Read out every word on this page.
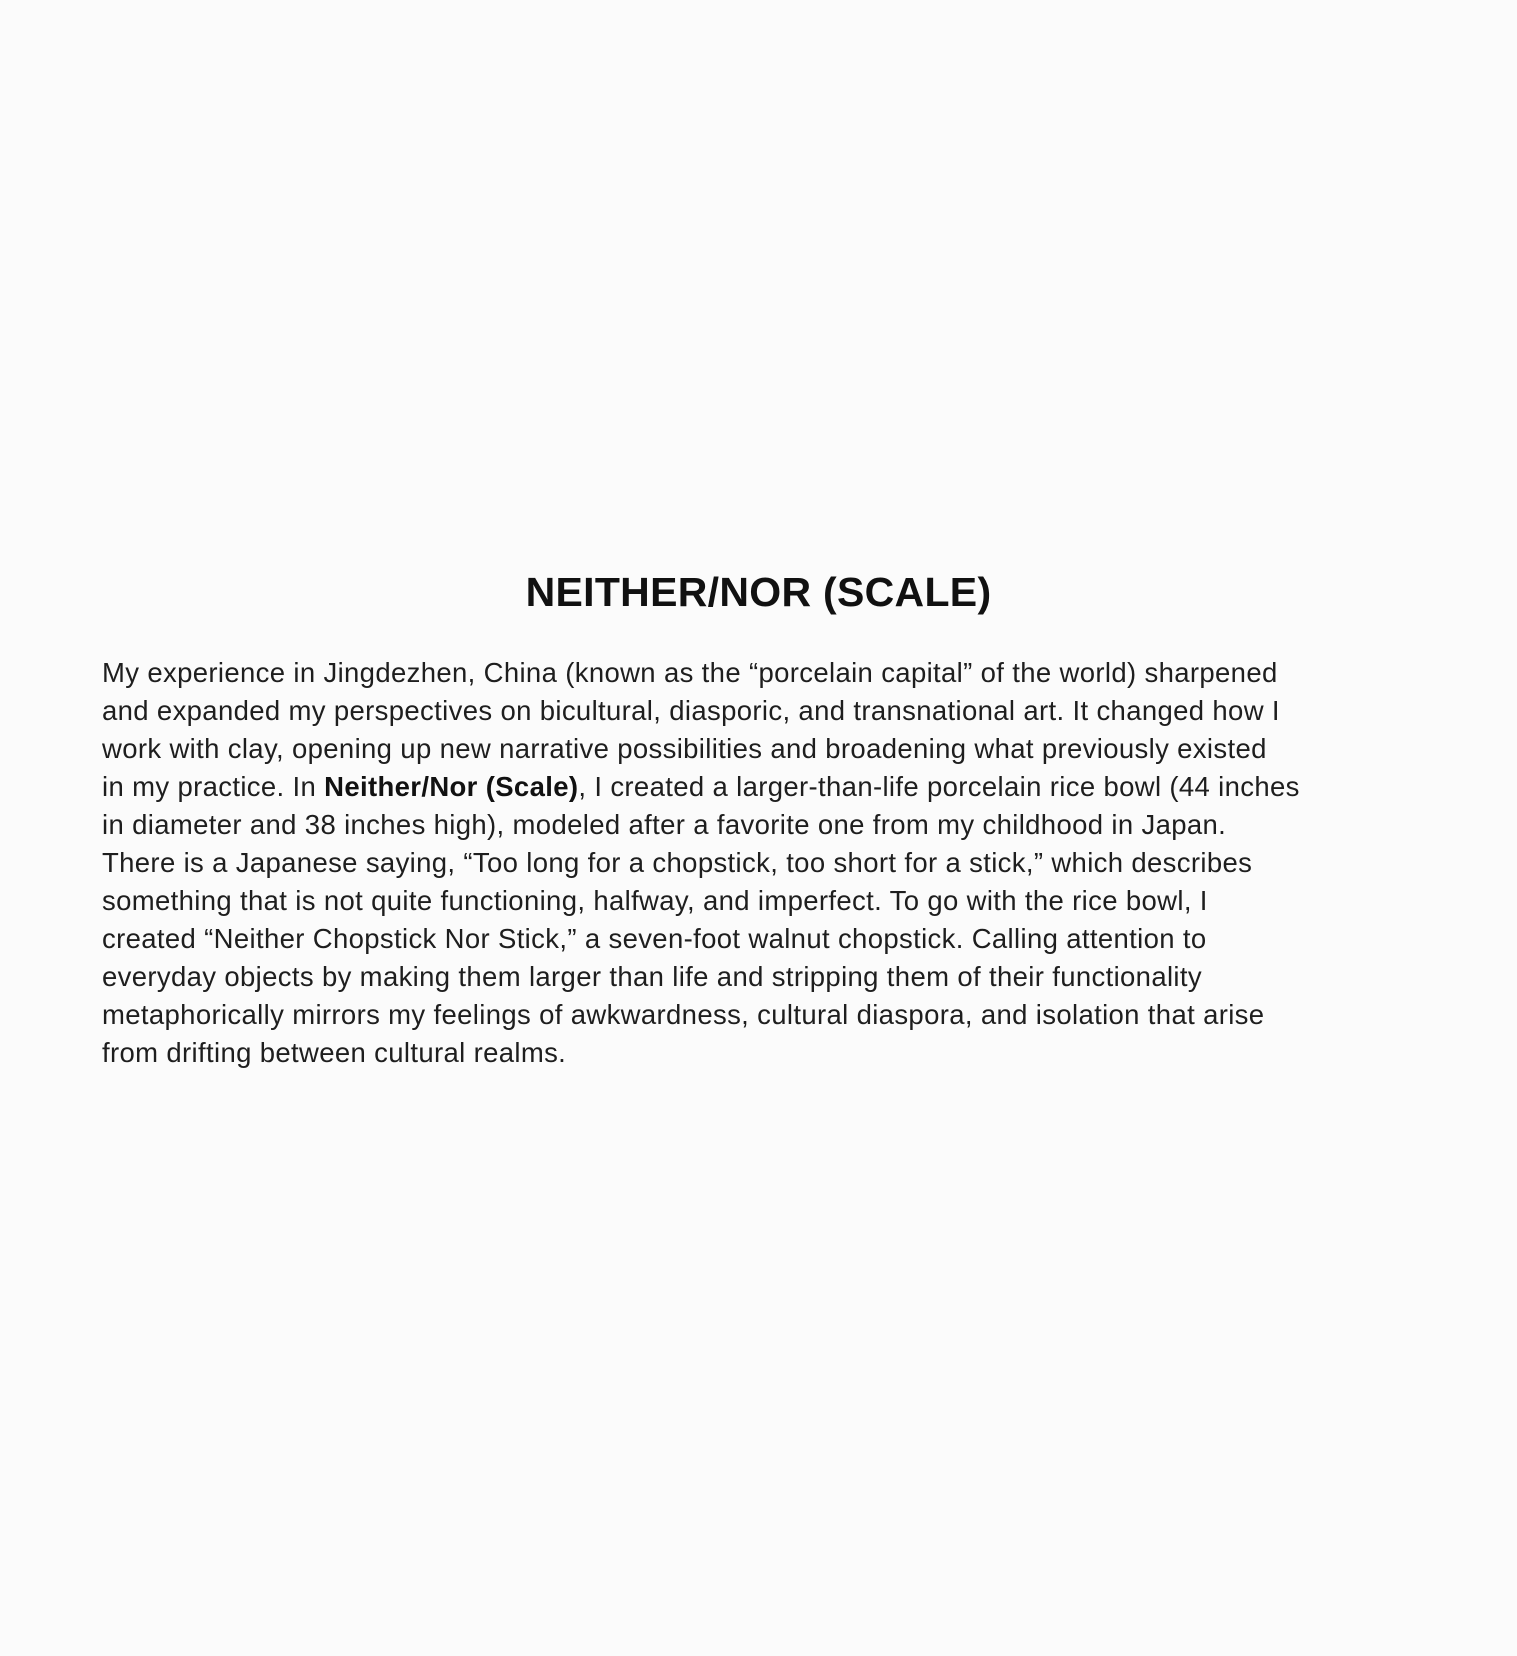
NEITHER/NOR (SCALE)

My experience in Jingdezhen, China (known as the “porcelain capital” of the world) sharpened
and expanded my perspectives on bicultural, diasporic, and transnational art. It changed how I
work with clay, opening up new narrative possibilities and broadening what previously existed
in my practice. In Neither/Nor (Scale), I created a larger-than-life porcelain rice bowl (44 inches
in diameter and 38 inches high), modeled after a favorite one from my childhood in Japan.
There is a Japanese saying, “Too long for a chopstick, too short for a stick,” which describes
something that is not quite functioning, halfway, and imperfect. To go with the rice bowl, I
created “Neither Chopstick Nor Stick,” a seven-foot walnut chopstick. Calling attention to
everyday objects by making them larger than life and stripping them of their functionality
metaphorically mirrors my feelings of awkwardness, cultural diaspora, and isolation that arise
from drifting between cultural realms.
